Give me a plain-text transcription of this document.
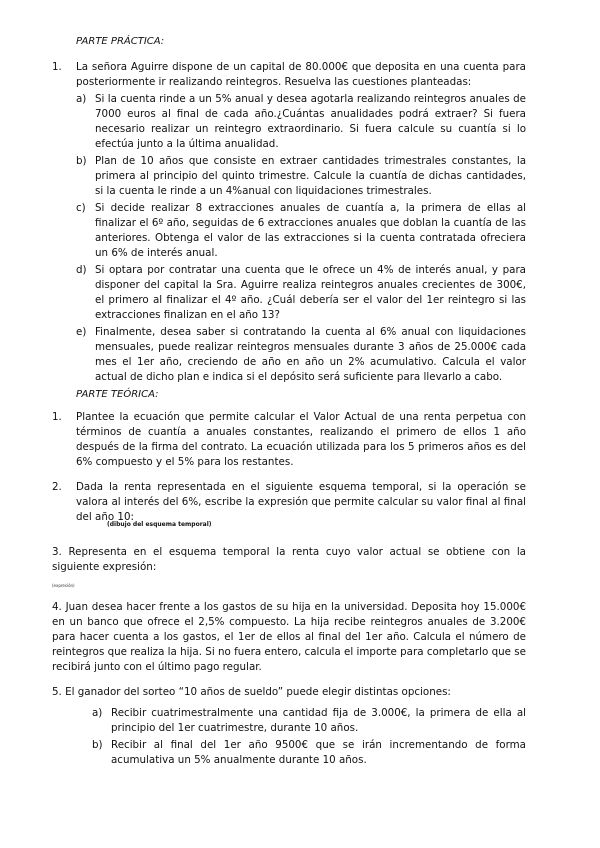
PARTE PRÁCTICA:
1. La señora Aguirre dispone de un capital de 80.000€ que deposita en una cuenta para posteriormente ir realizando reintegros. Resuelva las cuestiones planteadas:
a) Si la cuenta rinde a un 5% anual y desea agotarla realizando reintegros anuales de 7000 euros al final de cada año.¿Cuántas anualidades podrá extraer? Si fuera necesario realizar un reintegro extraordinario. Si fuera calcule su cuantía si lo efectúa junto a la última anualidad.
b) Plan de 10 años que consiste en extraer cantidades trimestrales constantes, la primera al principio del quinto trimestre. Calcule la cuantía de dichas cantidades, si la cuenta le rinde a un 4%anual con liquidaciones trimestrales.
c) Si decide realizar 8 extracciones anuales de cuantía a, la primera de ellas al finalizar el 6º año, seguidas de 6 extracciones anuales que doblan la cuantía de las anteriores. Obtenga el valor de las extracciones si la cuenta contratada ofreciera un 6% de interés anual.
d) Si optara por contratar una cuenta que le ofrece un 4% de interés anual, y para disponer del capital la Sra. Aguirre realiza reintegros anuales crecientes de 300€, el primero al finalizar el 4º año. ¿Cuál debería ser el valor del 1er reintegro si las extracciones finalizan en el año 13?
e) Finalmente, desea saber si contratando la cuenta al 6% anual con liquidaciones mensuales, puede realizar reintegros mensuales durante 3 años de 25.000€ cada mes el 1er año, creciendo de año en año un 2% acumulativo. Calcula el valor actual de dicho plan e indica si el depósito será suficiente para llevarlo a cabo.
PARTE TEÓRICA:
1. Plantee la ecuación que permite calcular el Valor Actual de una renta perpetua con términos de cuantía a anuales constantes, realizando el primero de ellos 1 año después de la firma del contrato. La ecuación utilizada para los 5 primeros años es del 6% compuesto y el 5% para los restantes.
2. Dada la renta representada en el siguiente esquema temporal, si la operación se valora al interés del 6%, escribe la expresión que permite calcular su valor final al final del año 10:
(dibujo del esquema temporal)
3. Representa en el esquema temporal la renta cuyo valor actual se obtiene con la siguiente expresión:
(expresión)
4. Juan desea hacer frente a los gastos de su hija en la universidad. Deposita hoy 15.000€ en un banco que ofrece el 2,5% compuesto. La hija recibe reintegros anuales de 3.200€ para hacer cuenta a los gastos, el 1er de ellos al final del 1er año. Calcula el número de reintegros que realiza la hija. Si no fuera entero, calcula el importe para completarlo que se recibirá junto con el último pago regular.
5. El ganador del sorteo “10 años de sueldo” puede elegir distintas opciones:
a) Recibir cuatrimestralmente una cantidad fija de 3.000€, la primera de ella al principio del 1er cuatrimestre, durante 10 años.
b) Recibir al final del 1er año 9500€ que se irán incrementando de forma acumulativa un 5% anualmente durante 10 años.
